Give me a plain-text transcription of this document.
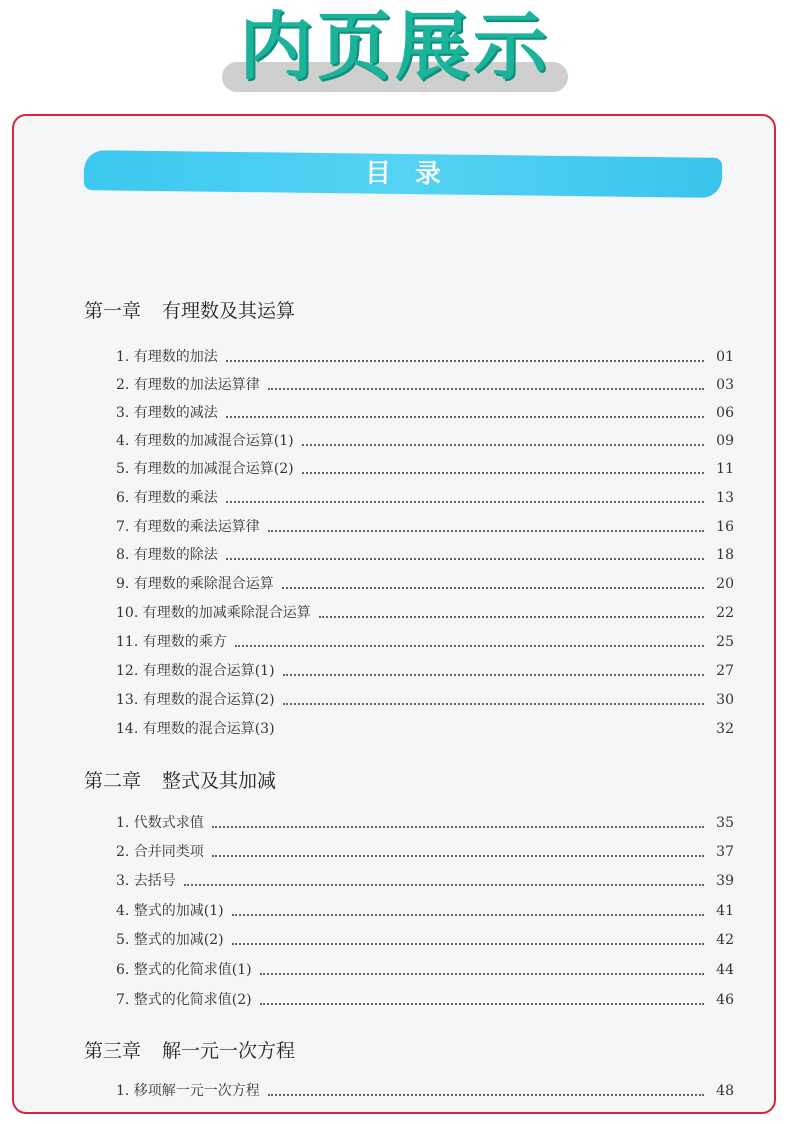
内页展示
目录
第一章 有理数及其运算
1. 有理数的加法	01
2. 有理数的加法运算律	03
3. 有理数的减法	06
4. 有理数的加减混合运算(1)	09
5. 有理数的加减混合运算(2)	11
6. 有理数的乘法	13
7. 有理数的乘法运算律	16
8. 有理数的除法	18
9. 有理数的乘除混合运算	20
10. 有理数的加减乘除混合运算	22
11. 有理数的乘方	25
12. 有理数的混合运算(1)	27
13. 有理数的混合运算(2)	30
14. 有理数的混合运算(3)	32
第二章 整式及其加减
1. 代数式求值	35
2. 合并同类项	37
3. 去括号	39
4. 整式的加减(1)	41
5. 整式的加减(2)	42
6. 整式的化简求值(1)	44
7. 整式的化简求值(2)	46
第三章 解一元一次方程
1. 移项解一元一次方程	48
